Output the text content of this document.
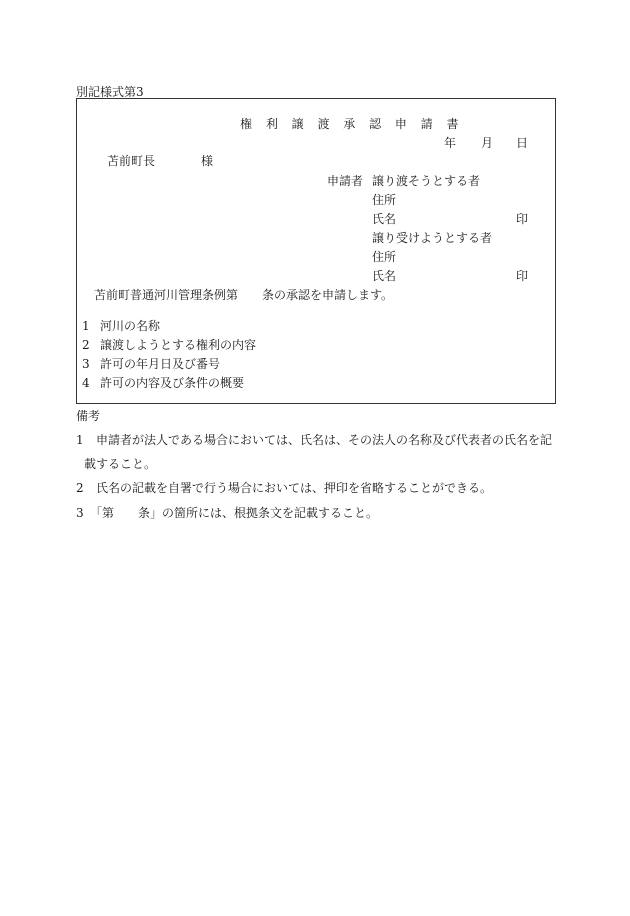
別記様式第3
権 利 譲 渡 承 認 申 請 書
年 月 日
苫前町長	様
申請者 譲り渡そうとする者
住所
氏名	印
譲り受けようとする者
住所
氏名	印
苫前町普通河川管理条例第　　条の承認を申請します。
1 河川の名称
2 譲渡しようとする権利の内容
3 許可の年月日及び番号
4 許可の内容及び条件の概要
備考
1 申請者が法人である場合においては、氏名は、その法人の名称及び代表者の氏名を記
載すること。
2 氏名の記載を自署で行う場合においては、押印を省略することができる。
3 「第　　条」の箇所には、根拠条文を記載すること。
